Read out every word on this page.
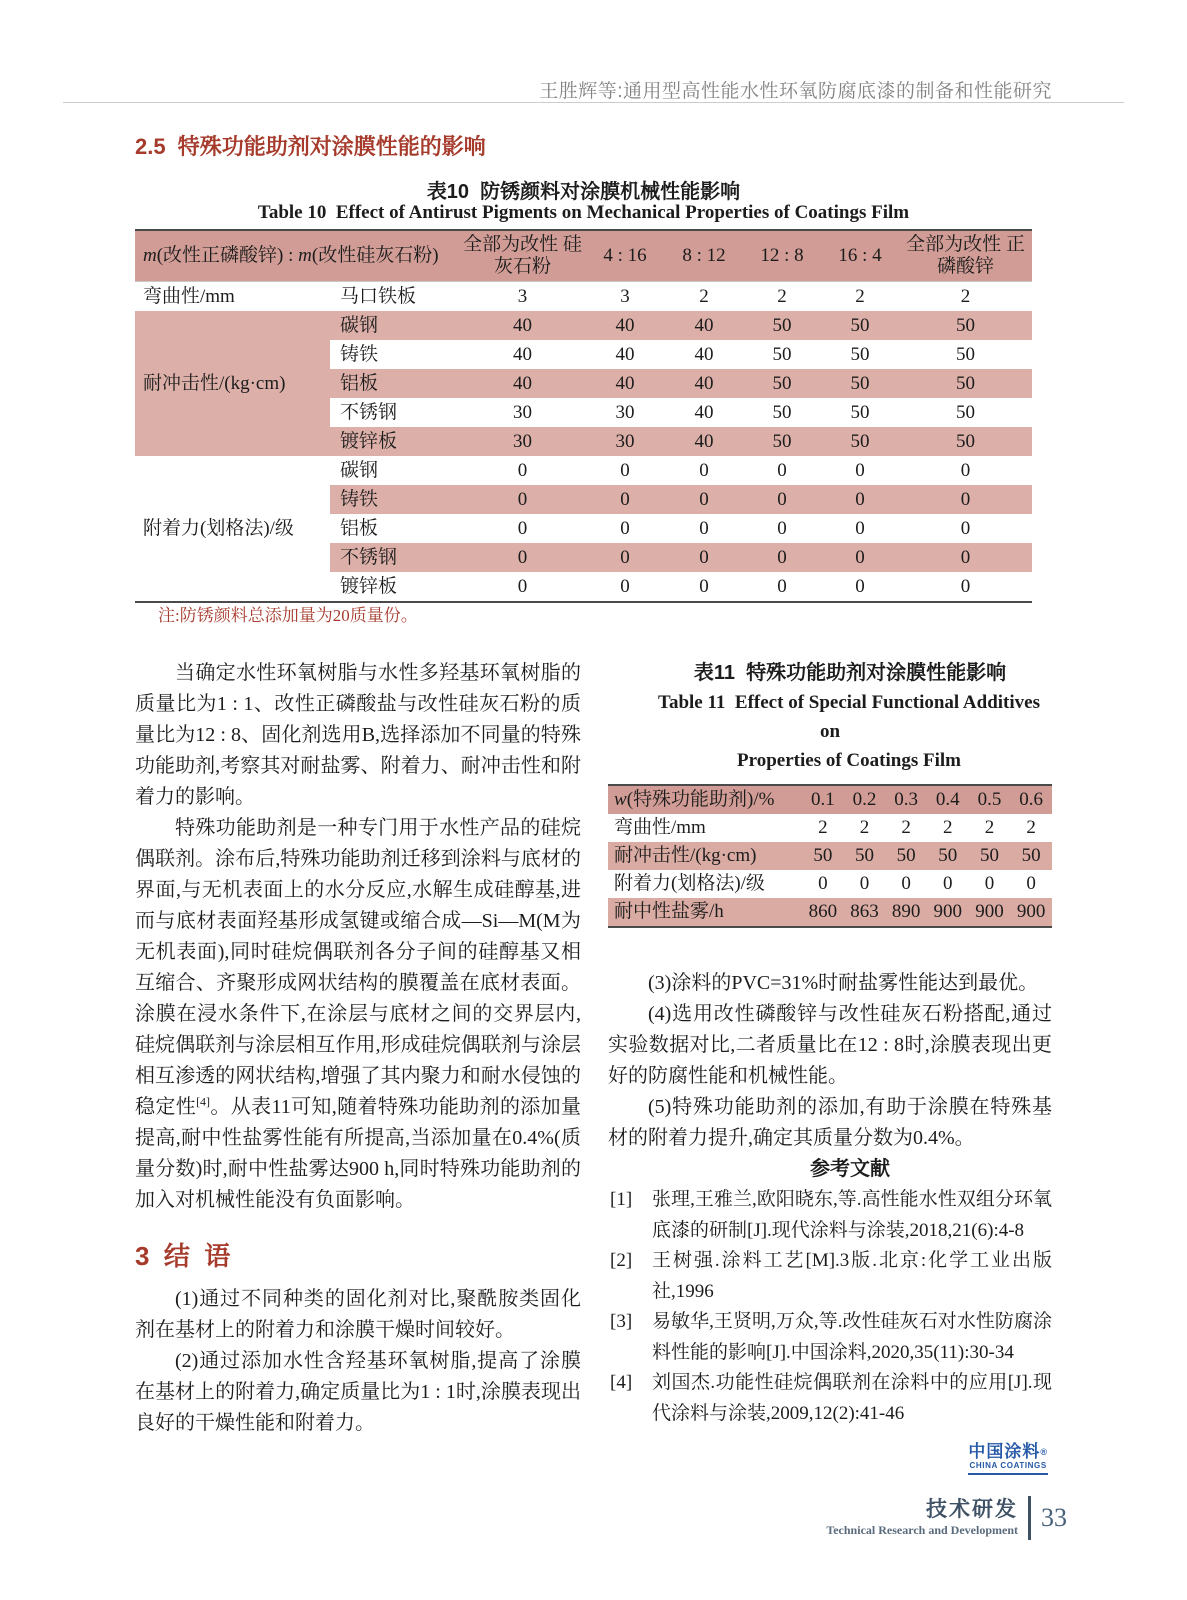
王胜辉等:通用型高性能水性环氧防腐底漆的制备和性能研究
2.5  特殊功能助剂对涂膜性能的影响
表10  防锈颜料对涂膜机械性能影响
Table 10  Effect of Antirust Pigments on Mechanical Properties of Coatings Film
m(改性正磷酸锌) : m(改性硅灰石粉)		全部为改性 硅灰石粉	4 : 16	8 : 12	12 : 8	16 : 4	全部为改性 正磷酸锌
弯曲性/mm	马口铁板	3	3	2	2	2	2
耐冲击性/(kg·cm)	碳钢	40	40	40	50	50	50
	铸铁	40	40	40	50	50	50
	铝板	40	40	40	50	50	50
	不锈钢	30	30	40	50	50	50
	镀锌板	30	30	40	50	50	50
附着力(划格法)/级	碳钢	0	0	0	0	0	0
	铸铁	0	0	0	0	0	0
	铝板	0	0	0	0	0	0
	不锈钢	0	0	0	0	0	0
	镀锌板	0	0	0	0	0	0
注:防锈颜料总添加量为20质量份。

当确定水性环氧树脂与水性多羟基环氧树脂的质量比为1 : 1、改性正磷酸盐与改性硅灰石粉的质量比为12 : 8、固化剂选用B,选择添加不同量的特殊功能助剂,考察其对耐盐雾、附着力、耐冲击性和附着力的影响。

特殊功能助剂是一种专门用于水性产品的硅烷偶联剂。涂布后,特殊功能助剂迁移到涂料与底材的界面,与无机表面上的水分反应,水解生成硅醇基,进而与底材表面羟基形成氢键或缩合成—Si—M(M为无机表面),同时硅烷偶联剂各分子间的硅醇基又相互缩合、齐聚形成网状结构的膜覆盖在底材表面。涂膜在浸水条件下,在涂层与底材之间的交界层内,硅烷偶联剂与涂层相互作用,形成硅烷偶联剂与涂层相互渗透的网状结构,增强了其内聚力和耐水侵蚀的稳定性[4]。从表11可知,随着特殊功能助剂的添加量提高,耐中性盐雾性能有所提高,当添加量在0.4%(质量分数)时,耐中性盐雾达900 h,同时特殊功能助剂的加入对机械性能没有负面影响。

3  结  语

(1)通过不同种类的固化剂对比,聚酰胺类固化剂在基材上的附着力和涂膜干燥时间较好。

(2)通过添加水性含羟基环氧树脂,提高了涂膜在基材上的附着力,确定质量比为1 : 1时,涂膜表现出良好的干燥性能和附着力。

表11  特殊功能助剂对涂膜性能影响

Table 11  Effect of Special Functional Additives on

Properties of Coatings Film

w(特殊功能助剂)/%	0.1	0.2	0.3	0.4	0.5	0.6
弯曲性/mm	2	2	2	2	2	2
耐冲击性/(kg·cm)	50	50	50	50	50	50
附着力(划格法)/级	0	0	0	0	0	0
耐中性盐雾/h	860	863	890	900	900	900

(3)涂料的PVC=31%时耐盐雾性能达到最优。

(4)选用改性磷酸锌与改性硅灰石粉搭配,通过实验数据对比,二者质量比在12 : 8时,涂膜表现出更好的防腐性能和机械性能。

(5)特殊功能助剂的添加,有助于涂膜在特殊基材的附着力提升,确定其质量分数为0.4%。

参考文献

[1] 张理,王雅兰,欧阳晓东,等.高性能水性双组分环氧底漆的研制[J].现代涂料与涂装,2018,21(6):4-8
[2] 王树强.涂料工艺[M].3版.北京:化学工业出版社,1996
[3] 易敏华,王贤明,万众,等.改性硅灰石对水性防腐涂料性能的影响[J].中国涂料,2020,35(11):30-34
[4] 刘国杰.功能性硅烷偶联剂在涂料中的应用[J].现代涂料与涂装,2009,12(2):41-46
中国涂料®
CHINA COATINGS
技术研发
Technical Research and Development 33
